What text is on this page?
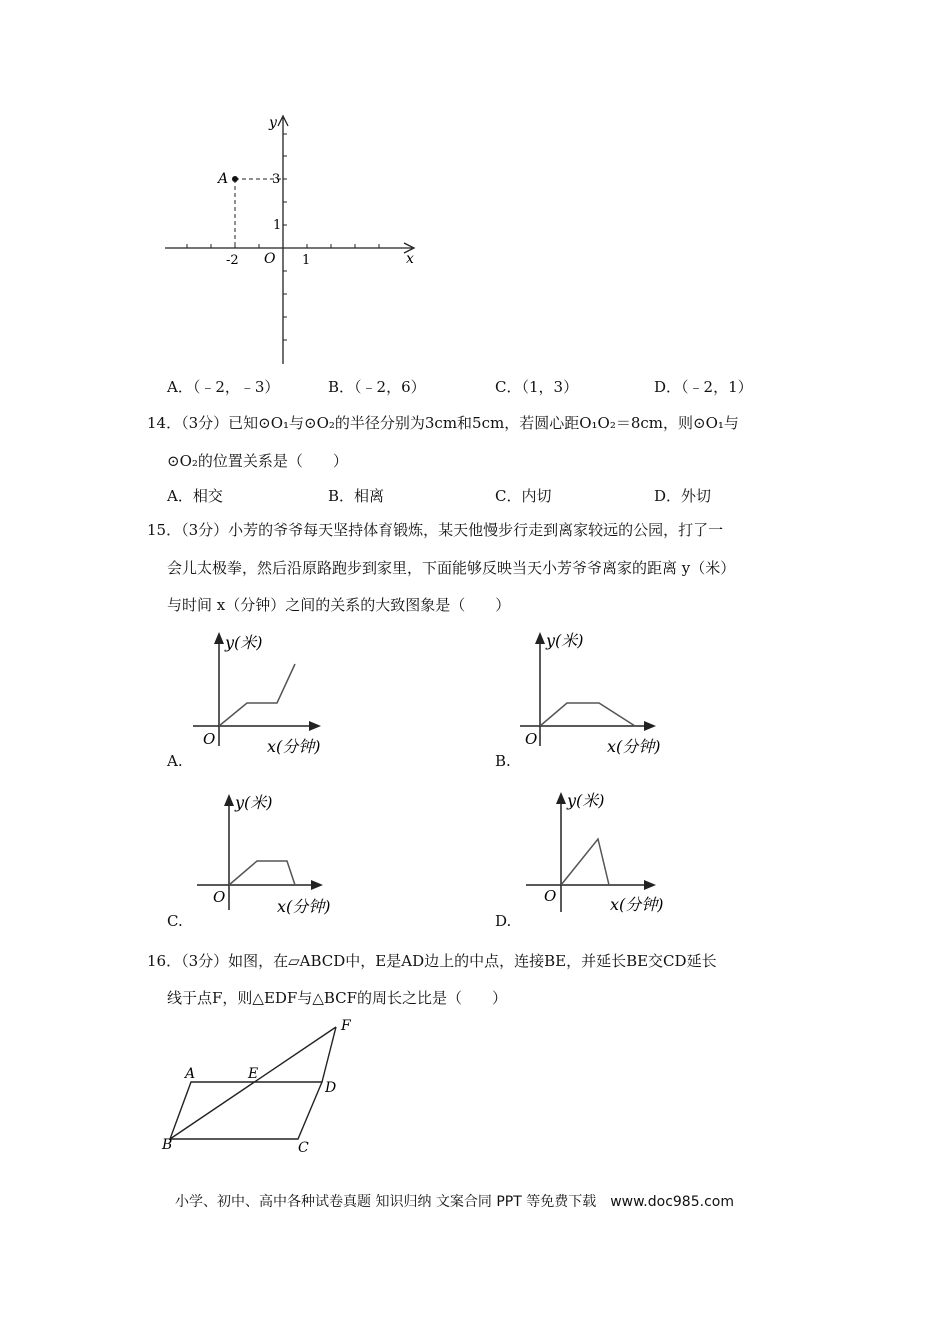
A
y
x
O
-2	1
3
1
A．（﹣2，﹣3）	B．（﹣2，6）	C．（1，3）	D．（﹣2，1）
14．（3分）已知⊙O₁与⊙O₂的半径分别为3cm和5cm，若圆心距O₁O₂＝8cm，则⊙O₁与
⊙O₂的位置关系是（　　）
A．相交	B．相离	C．内切	D．外切
15．（3分）小芳的爷爷每天坚持体育锻炼，某天他慢步行走到离家较远的公园，打了一
会儿太极拳，然后沿原路跑步到家里，下面能够反映当天小芳爷爷离家的距离 y（米）
与时间 x（分钟）之间的关系的大致图象是（　　）
y(米)
x(分钟)
O
A.
y(米)
x(分钟)
O
B.
y(米)
x(分钟)
O
C.
y(米)
x(分钟)
O
D.
16．（3分）如图，在▱ABCD中，E是AD边上的中点，连接BE，并延长BE交CD延长
线于点F，则△EDF与△BCF的周长之比是（　　）
A	E
D
F
B	C
小学、初中、高中各种试卷真题 知识归纳 文案合同 PPT 等免费下载　www.doc985.com
